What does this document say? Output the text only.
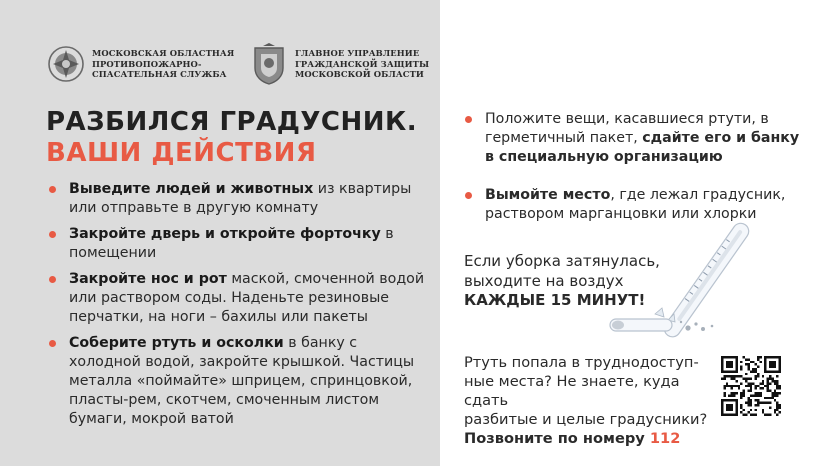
МОСКОВСКАЯ ОБЛАСТНАЯ
ПРОТИВОПОЖАРНО-
СПАСАТЕЛЬНАЯ СЛУЖБА
ГЛАВНОЕ УПРАВЛЕНИЕ
ГРАЖДАНСКОЙ ЗАЩИТЫ
МОСКОВСКОЙ ОБЛАСТИ
РАЗБИЛСЯ ГРАДУСНИК.
ВАШИ ДЕЙСТВИЯ
Выведите людей и животных из квартиры или отправьте в другую комнату
Закройте дверь и откройте форточку в помещении
Закройте нос и рот маской, смоченной водой или раствором соды. Наденьте резиновые перчатки, на ноги – бахилы или пакеты
Соберите ртуть и осколки в банку с холодной водой, закройте крышкой. Частицы металла «поймайте» шприцем, спринцовкой, пласты-рем, скотчем, смоченным листом бумаги, мокрой ватой
Положите вещи, касавшиеся ртути, в герметичный пакет, сдайте его и банку в специальную организацию
Вымойте место, где лежал градусник, раствором марганцовки или хлорки
Если уборка затянулась,
выходите на воздух
КАЖДЫЕ 15 МИНУТ!
Ртуть попала в труднодоступ-
ные места? Не знаете, куда сдать
разбитые и целые градусники?
Позвоните по номеру 112
